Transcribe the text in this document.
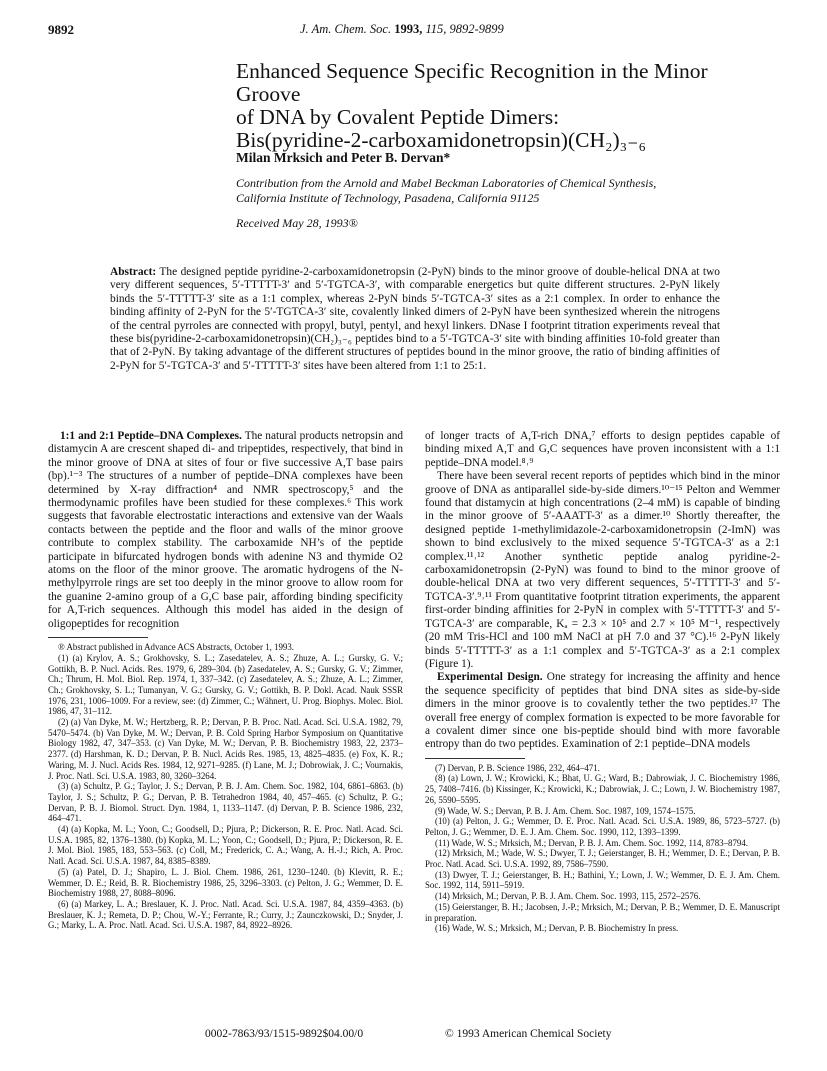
9892	J. Am. Chem. Soc. 1993, 115, 9892-9899
Enhanced Sequence Specific Recognition in the Minor Groove
of DNA by Covalent Peptide Dimers:
Bis(pyridine-2-carboxamidonetropsin)(CH₂)₃₋₆
Milan Mrksich and Peter B. Dervan*
Contribution from the Arnold and Mabel Beckman Laboratories of Chemical Synthesis,
California Institute of Technology, Pasadena, California 91125
Received May 28, 1993®
Abstract: The designed peptide pyridine-2-carboxamidonetropsin (2-PyN) binds to the minor groove of double-helical DNA at two very different sequences, 5′-TTTTT-3′ and 5′-TGTCA-3′, with comparable energetics but quite different structures. 2-PyN likely binds the 5′-TTTTT-3′ site as a 1:1 complex, whereas 2-PyN binds 5′-TGTCA-3′ sites as a 2:1 complex. In order to enhance the binding affinity of 2-PyN for the 5′-TGTCA-3′ site, covalently linked dimers of 2-PyN have been synthesized wherein the nitrogens of the central pyrroles are connected with propyl, butyl, pentyl, and hexyl linkers. DNase I footprint titration experiments reveal that these bis(pyridine-2-carboxamidonetropsin)(CH₂)₃₋₆ peptides bind to a 5′-TGTCA-3′ site with binding affinities 10-fold greater than that of 2-PyN. By taking advantage of the different structures of peptides bound in the minor groove, the ratio of binding affinities of 2-PyN for 5′-TGTCA-3′ and 5′-TTTTT-3′ sites have been altered from 1:1 to 25:1.

1:1 and 2:1 Peptide–DNA Complexes. The natural products netropsin and distamycin A are crescent shaped di- and tripeptides, respectively, that bind in the minor groove of DNA at sites of four or five successive A,T base pairs (bp).¹⁻³ The structures of a number of peptide–DNA complexes have been determined by X-ray diffraction⁴ and NMR spectroscopy,⁵ and the thermodynamic profiles have been studied for these complexes.⁶ This work suggests that favorable electrostatic interactions and extensive van der Waals contacts between the peptide and the floor and walls of the minor groove contribute to complex stability. The carboxamide NH’s of the peptide participate in bifurcated hydrogen bonds with adenine N3 and thymide O2 atoms on the floor of the minor groove. The aromatic hydrogens of the N-methylpyrrole rings are set too deeply in the minor groove to allow room for the guanine 2-amino group of a G,C base pair, affording binding specificity for A,T-rich sequences. Although this model has aided in the design of oligopeptides for recognition

® Abstract published in Advance ACS Abstracts, October 1, 1993.
(1) (a) Krylov, A. S.; Grokhovsky, S. L.; Zasedatelev, A. S.; Zhuze, A. L.; Gursky, G. V.; Gottikh, B. P. Nucl. Acids. Res. 1979, 6, 289–304. (b) Zasedatelev, A. S.; Gursky, G. V.; Zimmer, Ch.; Thrum, H. Mol. Biol. Rep. 1974, 1, 337–342. (c) Zasedatelev, A. S.; Zhuze, A. L.; Zimmer, Ch.; Grokhovsky, S. L.; Tumanyan, V. G.; Gursky, G. V.; Gottikh, B. P. Dokl. Acad. Nauk SSSR 1976, 231, 1006–1009. For a review, see: (d) Zimmer, C.; Wähnert, U. Prog. Biophys. Molec. Biol. 1986, 47, 31–112.
(2) (a) Van Dyke, M. W.; Hertzberg, R. P.; Dervan, P. B. Proc. Natl. Acad. Sci. U.S.A. 1982, 79, 5470–5474. (b) Van Dyke, M. W.; Dervan, P. B. Cold Spring Harbor Symposium on Quantitative Biology 1982, 47, 347–353. (c) Van Dyke, M. W.; Dervan, P. B. Biochemistry 1983, 22, 2373–2377. (d) Harshman, K. D.; Dervan, P. B. Nucl. Acids Res. 1985, 13, 4825–4835. (e) Fox, K. R.; Waring, M. J. Nucl. Acids Res. 1984, 12, 9271–9285. (f) Lane, M. J.; Dobrowiak, J. C.; Vournakis, J. Proc. Natl. Sci. U.S.A. 1983, 80, 3260–3264.
(3) (a) Schultz, P. G.; Taylor, J. S.; Dervan, P. B. J. Am. Chem. Soc. 1982, 104, 6861–6863. (b) Taylor, J. S.; Schultz, P. G.; Dervan, P. B. Tetrahedron 1984, 40, 457–465. (c) Schultz, P. G.; Dervan, P. B. J. Biomol. Struct. Dyn. 1984, 1, 1133–1147. (d) Dervan, P. B. Science 1986, 232, 464–471.
(4) (a) Kopka, M. L.; Yoon, C.; Goodsell, D.; Pjura, P.; Dickerson, R. E. Proc. Natl. Acad. Sci. U.S.A. 1985, 82, 1376–1380. (b) Kopka, M. L.; Yoon, C.; Goodsell, D.; Pjura, P.; Dickerson, R. E. J. Mol. Biol. 1985, 183, 553–563. (c) Coll, M.; Frederick, C. A.; Wang, A. H.-J.; Rich, A. Proc. Natl. Acad. Sci. U.S.A. 1987, 84, 8385–8389.
(5) (a) Patel, D. J.; Shapiro, L. J. Biol. Chem. 1986, 261, 1230–1240. (b) Klevitt, R. E.; Wemmer, D. E.; Reid, B. R. Biochemistry 1986, 25, 3296–3303. (c) Pelton, J. G.; Wemmer, D. E. Biochemistry 1988, 27, 8088–8096.
(6) (a) Markey, L. A.; Breslauer, K. J. Proc. Natl. Acad. Sci. U.S.A. 1987, 84, 4359–4363. (b) Breslauer, K. J.; Remeta, D. P.; Chou, W.-Y.; Ferrante, R.; Curry, J.; Zaunczkowski, D.; Snyder, J. G.; Marky, L. A. Proc. Natl. Acad. Sci. U.S.A. 1987, 84, 8922–8926.

of longer tracts of A,T-rich DNA,⁷ efforts to design peptides capable of binding mixed A,T and G,C sequences have proven inconsistent with a 1:1 peptide–DNA model.⁸˒⁹

There have been several recent reports of peptides which bind in the minor groove of DNA as antiparallel side-by-side dimers.¹⁰⁻¹⁵ Pelton and Wemmer found that distamycin at high concentrations (2–4 mM) is capable of binding in the minor groove of 5′-AAATT-3′ as a dimer.¹⁰ Shortly thereafter, the designed peptide 1-methylimidazole-2-carboxamidonetropsin (2-ImN) was shown to bind exclusively to the mixed sequence 5′-TGTCA-3′ as a 2:1 complex.¹¹˒¹² Another synthetic peptide analog pyridine-2-carboxamidonetropsin (2-PyN) was found to bind to the minor groove of double-helical DNA at two very different sequences, 5′-TTTTT-3′ and 5′-TGTCA-3′.⁹˒¹¹ From quantitative footprint titration experiments, the apparent first-order binding affinities for 2-PyN in complex with 5′-TTTTT-3′ and 5′-TGTCA-3′ are comparable, Kₐ = 2.3 × 10⁵ and 2.7 × 10⁵ M⁻¹, respectively (20 mM Tris-HCl and 100 mM NaCl at pH 7.0 and 37 °C).¹⁶ 2-PyN likely binds 5′-TTTTT-3′ as a 1:1 complex and 5′-TGTCA-3′ as a 2:1 complex (Figure 1).

Experimental Design. One strategy for increasing the affinity and hence the sequence specificity of peptides that bind DNA sites as side-by-side dimers in the minor groove is to covalently tether the two peptides.¹⁷ The overall free energy of complex formation is expected to be more favorable for a covalent dimer since one bis-peptide should bind with more favorable entropy than do two peptides. Examination of 2:1 peptide–DNA models

(7) Dervan, P. B. Science 1986, 232, 464–471.
(8) (a) Lown, J. W.; Krowicki, K.; Bhat, U. G.; Ward, B.; Dabrowiak, J. C. Biochemistry 1986, 25, 7408–7416. (b) Kissinger, K.; Krowicki, K.; Dabrowiak, J. C.; Lown, J. W. Biochemistry 1987, 26, 5590–5595.
(9) Wade, W. S.; Dervan, P. B. J. Am. Chem. Soc. 1987, 109, 1574–1575.
(10) (a) Pelton, J. G.; Wemmer, D. E. Proc. Natl. Acad. Sci. U.S.A. 1989, 86, 5723–5727. (b) Pelton, J. G.; Wemmer, D. E. J. Am. Chem. Soc. 1990, 112, 1393–1399.
(11) Wade, W. S.; Mrksich, M.; Dervan, P. B. J. Am. Chem. Soc. 1992, 114, 8783–8794.
(12) Mrksich, M.; Wade, W. S.; Dwyer, T. J.; Geierstanger, B. H.; Wemmer, D. E.; Dervan, P. B. Proc. Natl. Acad. Sci. U.S.A. 1992, 89, 7586–7590.
(13) Dwyer, T. J.; Geierstanger, B. H.; Bathini, Y.; Lown, J. W.; Wemmer, D. E. J. Am. Chem. Soc. 1992, 114, 5911–5919.
(14) Mrksich, M.; Dervan, P. B. J. Am. Chem. Soc. 1993, 115, 2572–2576.
(15) Geierstanger, B. H.; Jacobsen, J.-P.; Mrksich, M.; Dervan, P. B.; Wemmer, D. E. Manuscript in preparation.
(16) Wade, W. S.; Mrksich, M.; Dervan, P. B. Biochemistry In press.
0002-7863/93/1515-9892$04.00/0	© 1993 American Chemical Society
